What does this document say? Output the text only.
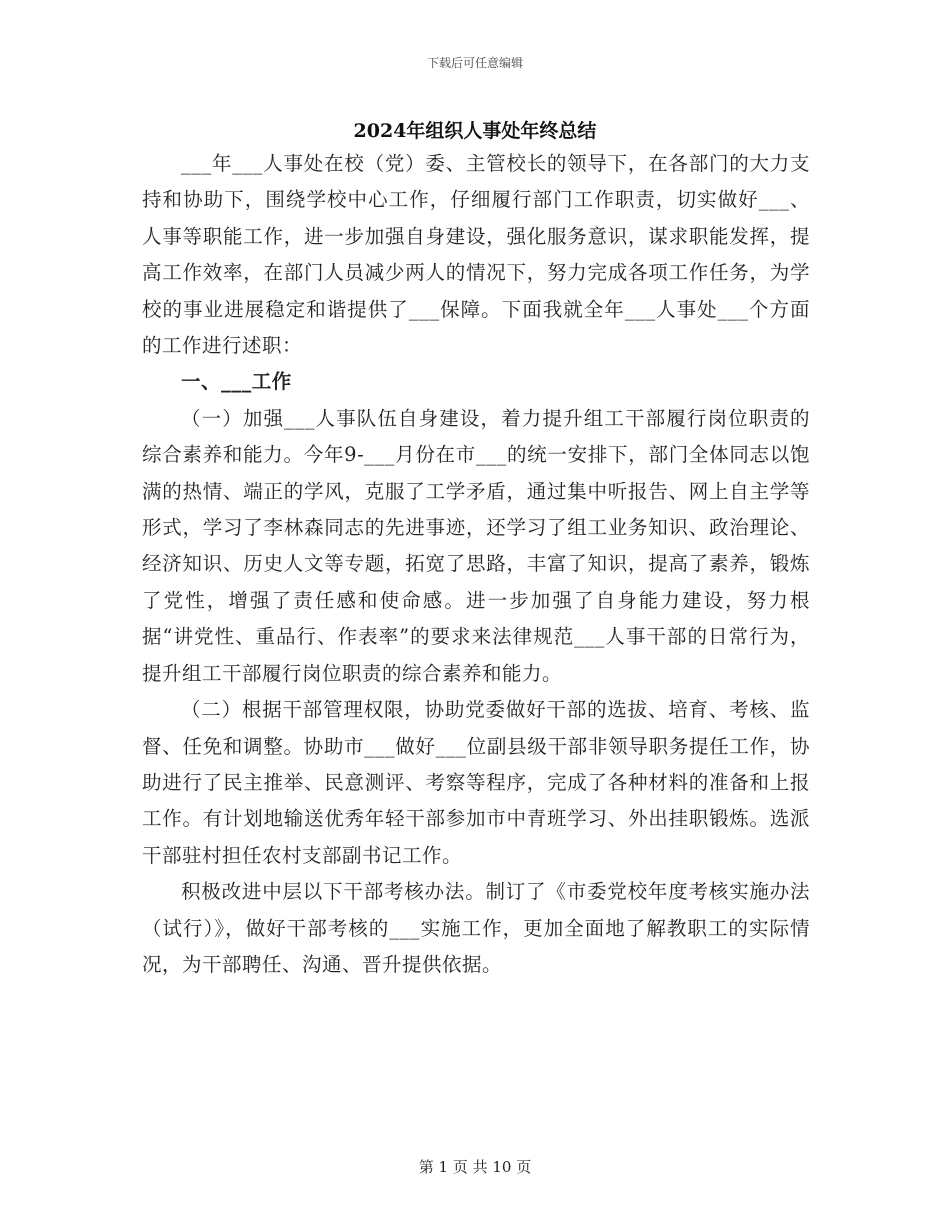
下载后可任意编辑
2024年组织人事处年终总结

___年___人事处在校（党）委、主管校长的领导下，在各部门的大力支持和协助下，围绕学校中心工作，仔细履行部门工作职责，切实做好___、人事等职能工作，进一步加强自身建设，强化服务意识，谋求职能发挥，提高工作效率，在部门人员减少两人的情况下，努力完成各项工作任务，为学校的事业进展稳定和谐提供了___保障。下面我就全年___人事处___个方面的工作进行述职：

一、___工作

（一）加强___人事队伍自身建设，着力提升组工干部履行岗位职责的综合素养和能力。今年9-___月份在市___的统一安排下，部门全体同志以饱满的热情、端正的学风，克服了工学矛盾，通过集中听报告、网上自主学等形式，学习了李林森同志的先进事迹，还学习了组工业务知识、政治理论、经济知识、历史人文等专题，拓宽了思路，丰富了知识，提高了素养，锻炼了党性，增强了责任感和使命感。进一步加强了自身能力建设，努力根据“讲党性、重品行、作表率”的要求来法律规范___人事干部的日常行为，提升组工干部履行岗位职责的综合素养和能力。

（二）根据干部管理权限，协助党委做好干部的选拔、培育、考核、监督、任免和调整。协助市___做好___位副县级干部非领导职务提任工作，协助进行了民主推举、民意测评、考察等程序，完成了各种材料的准备和上报工作。有计划地输送优秀年轻干部参加市中青班学习、外出挂职锻炼。选派干部驻村担任农村支部副书记工作。

积极改进中层以下干部考核办法。制订了《市委党校年度考核实施办法（试行）》，做好干部考核的___实施工作，更加全面地了解教职工的实际情况，为干部聘任、沟通、晋升提供依据。

第 1 页 共 10 页
